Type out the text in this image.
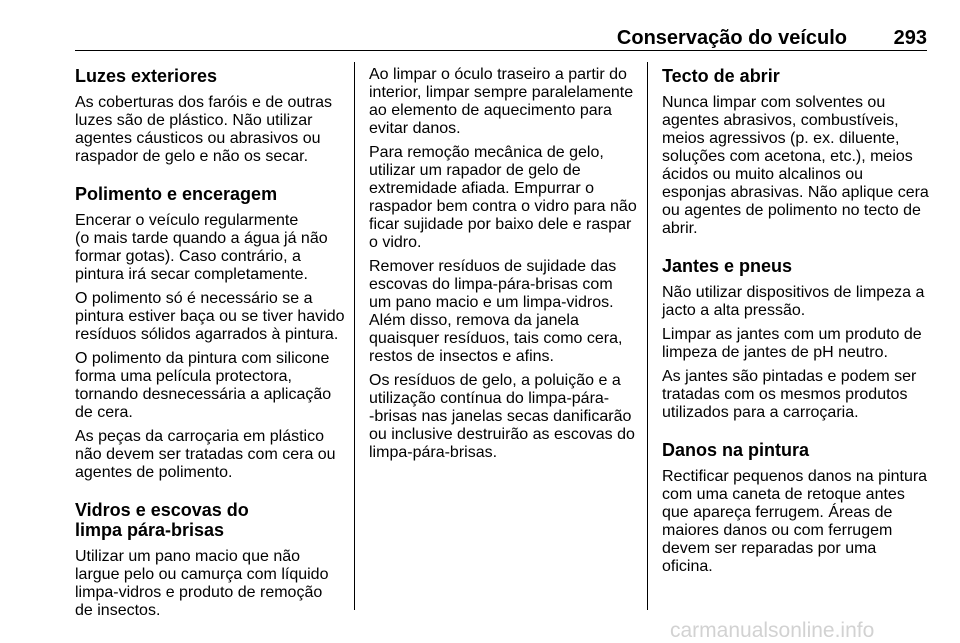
Conservação do veículo 293
Luzes exteriores

As coberturas dos faróis e de outras
luzes são de plástico. Não utilizar
agentes cáusticos ou abrasivos ou
raspador de gelo e não os secar.

Polimento e enceragem

Encerar o veículo regularmente
(o mais tarde quando a água já não
formar gotas). Caso contrário, a
pintura irá secar completamente.

O polimento só é necessário se a
pintura estiver baça ou se tiver havido
resíduos sólidos agarrados à pintura.

O polimento da pintura com silicone
forma uma película protectora,
tornando desnecessária a aplicação
de cera.

As peças da carroçaria em plástico
não devem ser tratadas com cera ou
agentes de polimento.

Vidros e escovas do
limpa pára-brisas

Utilizar um pano macio que não
largue pelo ou camurça com líquido
limpa-vidros e produto de remoção
de insectos.

Ao limpar o óculo traseiro a partir do
interior, limpar sempre paralelamente
ao elemento de aquecimento para
evitar danos.

Para remoção mecânica de gelo,
utilizar um rapador de gelo de
extremidade afiada. Empurrar o
raspador bem contra o vidro para não
ficar sujidade por baixo dele e raspar
o vidro.

Remover resíduos de sujidade das
escovas do limpa-pára-brisas com
um pano macio e um limpa-vidros.
Além disso, remova da janela
quaisquer resíduos, tais como cera,
restos de insectos e afins.

Os resíduos de gelo, a poluição e a
utilização contínua do limpa-pára-
-brisas nas janelas secas danificarão
ou inclusive destruirão as escovas do
limpa-pára-brisas.

Tecto de abrir

Nunca limpar com solventes ou
agentes abrasivos, combustíveis,
meios agressivos (p. ex. diluente,
soluções com acetona, etc.), meios
ácidos ou muito alcalinos ou
esponjas abrasivas. Não aplique cera
ou agentes de polimento no tecto de
abrir.

Jantes e pneus

Não utilizar dispositivos de limpeza a
jacto a alta pressão.

Limpar as jantes com um produto de
limpeza de jantes de pH neutro.

As jantes são pintadas e podem ser
tratadas com os mesmos produtos
utilizados para a carroçaria.

Danos na pintura

Rectificar pequenos danos na pintura
com uma caneta de retoque antes
que apareça ferrugem. Áreas de
maiores danos ou com ferrugem
devem ser reparadas por uma
oficina.

carmanualsonline.info
